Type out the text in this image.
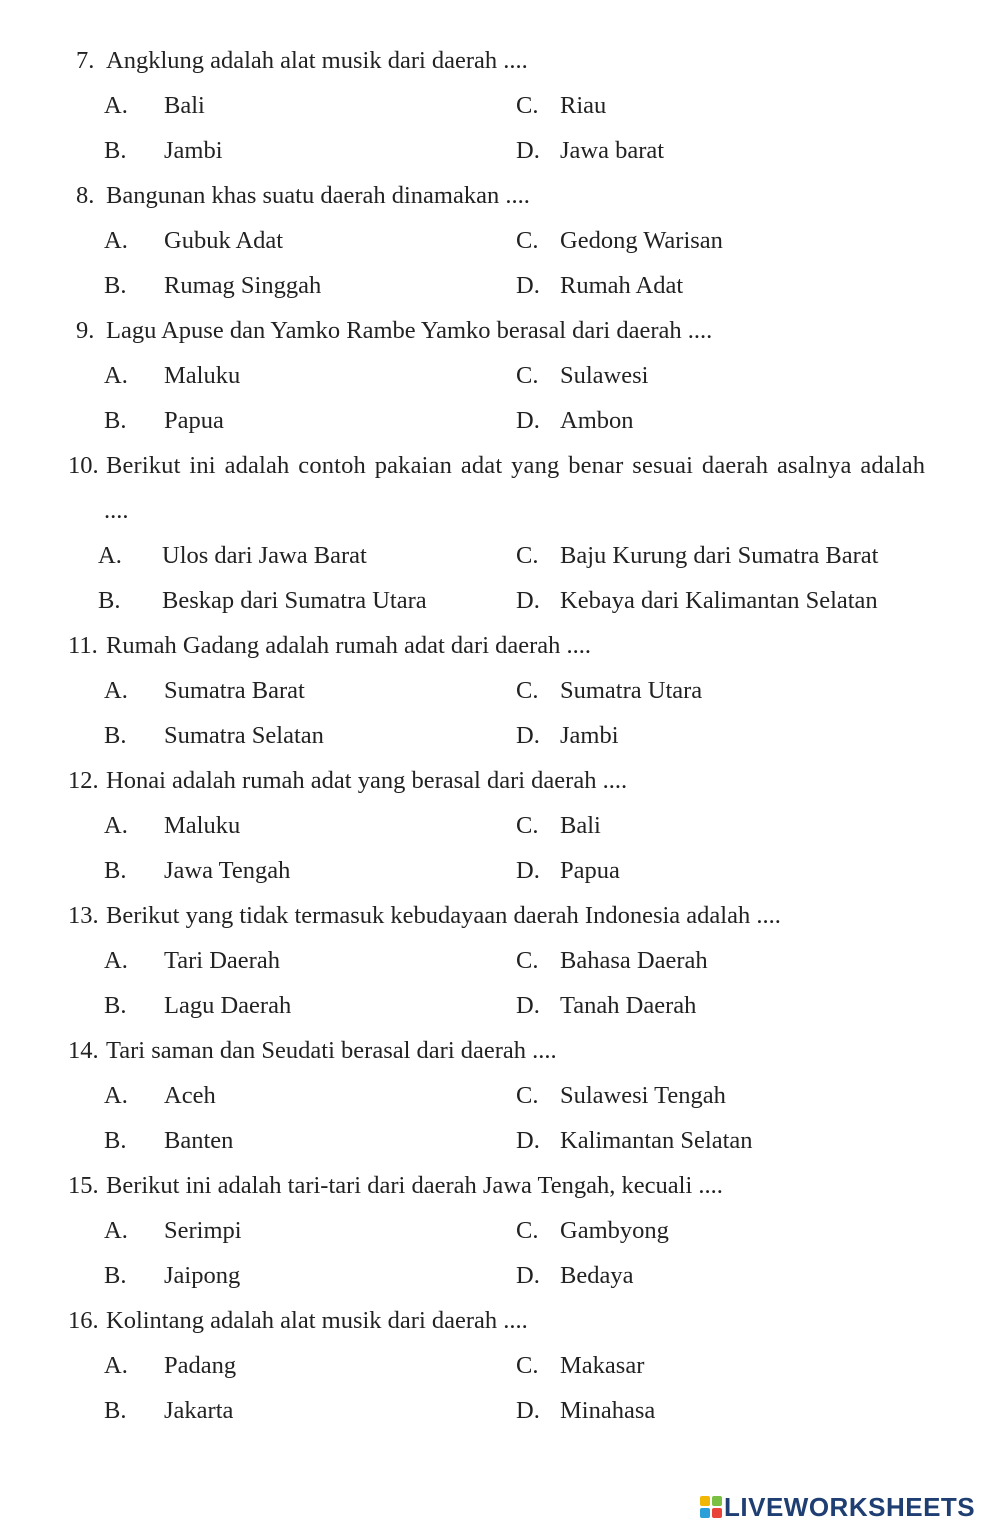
7. Angklung adalah alat musik dari daerah ....
A. Bali
B. Jambi
C. Riau
D. Jawa barat
8. Bangunan khas suatu daerah dinamakan ....
A. Gubuk Adat
B. Rumag Singgah
C. Gedong Warisan
D. Rumah Adat
9. Lagu Apuse dan Yamko Rambe Yamko berasal dari daerah ....
A. Maluku
B. Papua
C. Sulawesi
D. Ambon
10. Berikut ini adalah contoh pakaian adat yang benar sesuai daerah asalnya adalah
....
A. Ulos dari Jawa Barat
B. Beskap dari Sumatra Utara
C. Baju Kurung dari Sumatra Barat
D. Kebaya dari Kalimantan Selatan
11. Rumah Gadang adalah rumah adat dari daerah ....
A. Sumatra Barat
B. Sumatra Selatan
C. Sumatra Utara
D. Jambi
12. Honai adalah rumah adat yang berasal dari daerah ....
A. Maluku
B. Jawa Tengah
C. Bali
D. Papua
13. Berikut yang tidak termasuk kebudayaan daerah Indonesia adalah ....
A. Tari Daerah
B. Lagu Daerah
C. Bahasa Daerah
D. Tanah Daerah
14. Tari saman dan Seudati berasal dari daerah ....
A. Aceh
B. Banten
C. Sulawesi Tengah
D. Kalimantan Selatan
15. Berikut ini adalah tari-tari dari daerah Jawa Tengah, kecuali ....
A. Serimpi
B. Jaipong
C. Gambyong
D. Bedaya
16. Kolintang adalah alat musik dari daerah ....
A. Padang
B. Jakarta
C. Makasar
D. Minahasa
LIVEWORKSHEETS
